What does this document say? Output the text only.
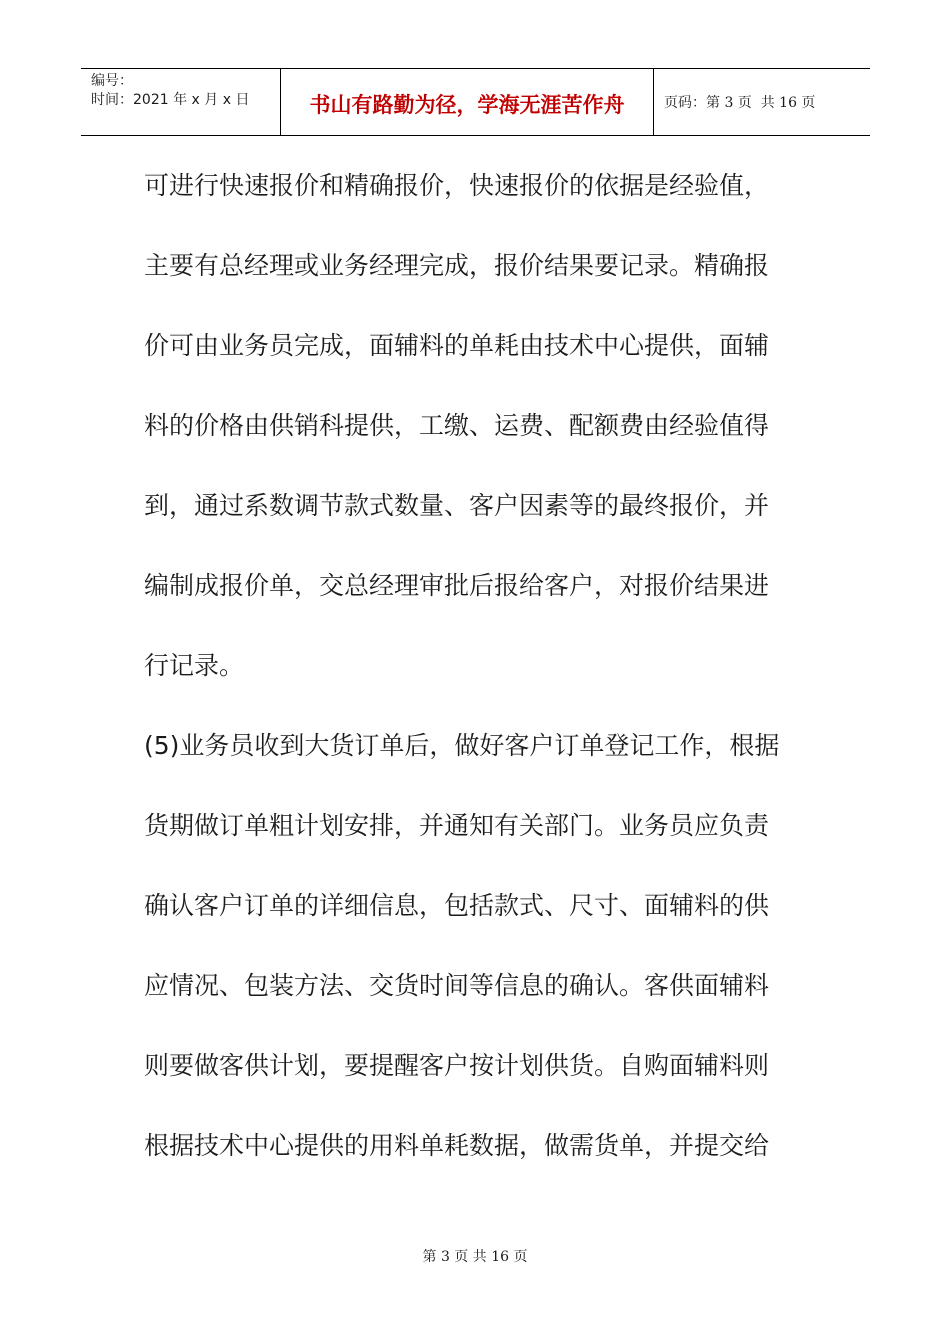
编号：
时间：2021 年 x 月 x 日	书山有路勤为径，学海无涯苦作舟	页码：第 3 页  共 16 页
可进行快速报价和精确报价，快速报价的依据是经验值，
主要有总经理或业务经理完成，报价结果要记录。精确报
价可由业务员完成，面辅料的单耗由技术中心提供，面辅
料的价格由供销科提供，工缴、运费、配额费由经验值得
到，通过系数调节款式数量、客户因素等的最终报价，并
编制成报价单，交总经理审批后报给客户，对报价结果进
行记录。
(5)业务员收到大货订单后，做好客户订单登记工作，根据
货期做订单粗计划安排，并通知有关部门。业务员应负责
确认客户订单的详细信息，包括款式、尺寸、面辅料的供
应情况、包装方法、交货时间等信息的确认。客供面辅料
则要做客供计划，要提醒客户按计划供货。自购面辅料则
根据技术中心提供的用料单耗数据，做需货单，并提交给
第 3 页 共 16 页
